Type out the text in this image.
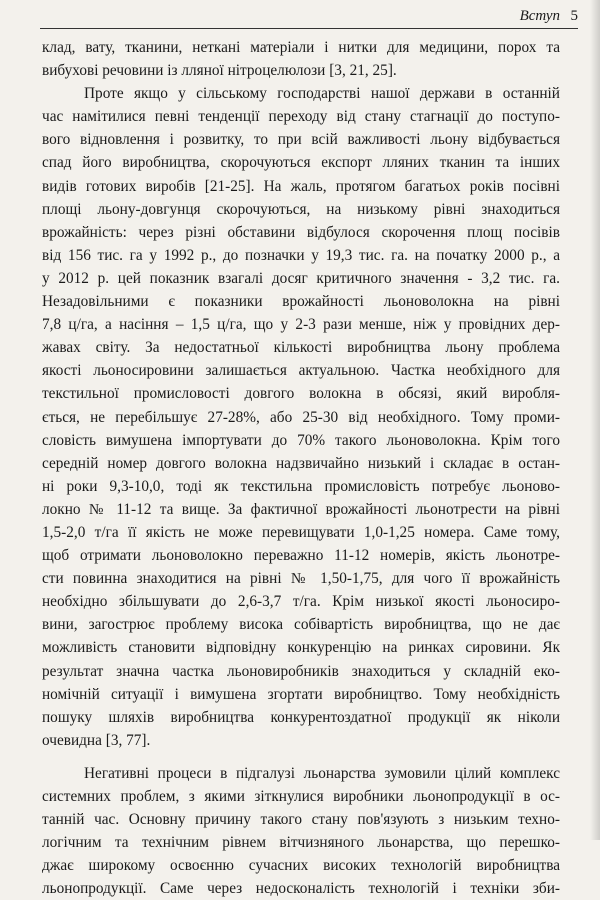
Вступ 5
клад, вату, тканини, неткані матеріали і нитки для медицини, порох та
вибухові речовини із лляної нітроцелюлози [3, 21, 25].
Проте якщо у сільському господарстві нашої держави в останній
час намітилися певні тенденції переходу від стану стагнації до поступо-
вого відновлення і розвитку, то при всій важливості льону відбувається
спад його виробництва, скорочуються експорт лляних тканин та інших
видів готових виробів [21-25]. На жаль, протягом багатьох років посівні
площі льону-довгунця скорочуються, на низькому рівні знаходиться
врожайність: через різні обставини відбулося скорочення площ посівів
від 156 тис. га у 1992 р., до позначки у 19,3 тис. га. на початку 2000 р., а
у 2012 р. цей показник взагалі досяг критичного значення - 3,2 тис. га.
Незадовільними є показники врожайності льоноволокна на рівні
7,8 ц/га, а насіння – 1,5 ц/га, що у 2-3 рази менше, ніж у провідних дер-
жавах світу. За недостатньої кількості виробництва льону проблема
якості льоносировини залишається актуальною. Частка необхідного для
текстильної промисловості довгого волокна в обсязі, який виробля-
ється, не перебільшує 27-28%, або 25-30 від необхідного. Тому проми-
словість вимушена імпортувати до 70% такого льоноволокна. Крім того
середній номер довгого волокна надзвичайно низький і складає в остан-
ні роки 9,3-10,0, тоді як текстильна промисловість потребує льоново-
локно № 11-12 та вище. За фактичної врожайності льонотрести на рівні
1,5-2,0 т/га її якість не може перевищувати 1,0-1,25 номера. Саме тому,
щоб отримати льоноволокно переважно 11-12 номерів, якість льонотре-
сти повинна знаходитися на рівні № 1,50-1,75, для чого її врожайність
необхідно збільшувати до 2,6-3,7 т/га. Крім низької якості льоносиро-
вини, загострює проблему висока собівартість виробництва, що не дає
можливість становити відповідну конкуренцію на ринках сировини. Як
результат значна частка льоновиробників знаходиться у складній еко-
номічній ситуації і вимушена згортати виробництво. Тому необхідність
пошуку шляхів виробництва конкурентоздатної продукції як ніколи
очевидна [3, 77].
Негативні процеси в підгалузі льонарства зумовили цілий комплекс
системних проблем, з якими зіткнулися виробники льонопродукції в ос-
танній час. Основну причину такого стану пов'язують з низьким техно-
логічним та технічним рівнем вітчизняного льонарства, що перешко-
джає широкому освоєнню сучасних високих технологій виробництва
льонопродукції. Саме через недосконалість технологій і техніки зби-
